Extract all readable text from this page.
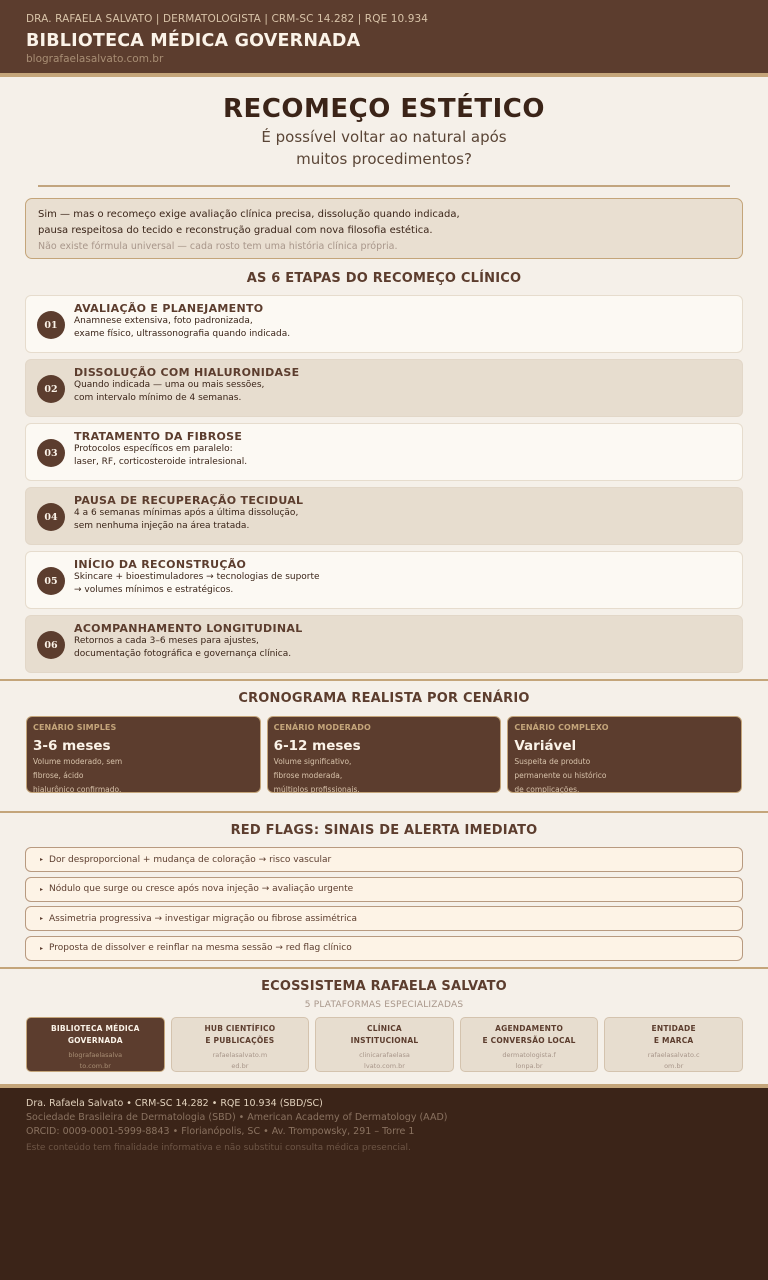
DRA. RAFAELA SALVATO | DERMATOLOGISTA | CRM-SC 14.282 | RQE 10.934
BIBLIOTECA MÉDICA GOVERNADA
blografaelasalvato.com.br
RECOMEÇO ESTÉTICO
É possível voltar ao natural após
muitos procedimentos?
Sim — mas o recomeço exige avaliação clínica precisa, dissolução quando indicada,
pausa respeitosa do tecido e reconstrução gradual com nova filosofia estética.
Não existe fórmula universal — cada rosto tem uma história clínica própria.
AS 6 ETAPAS DO RECOMEÇO CLÍNICO
01
AVALIAÇÃO E PLANEJAMENTO
Anamnese extensiva, foto padronizada,
exame físico, ultrassonografia quando indicada.
02
DISSOLUÇÃO COM HIALURONIDASE
Quando indicada — uma ou mais sessões,
com intervalo mínimo de 4 semanas.
03
TRATAMENTO DA FIBROSE
Protocolos específicos em paralelo:
laser, RF, corticosteroide intralesional.
04
PAUSA DE RECUPERAÇÃO TECIDUAL
4 a 6 semanas mínimas após a última dissolução,
sem nenhuma injeção na área tratada.
05
INÍCIO DA RECONSTRUÇÃO
Skincare + bioestimuladores → tecnologias de suporte
→ volumes mínimos e estratégicos.
06
ACOMPANHAMENTO LONGITUDINAL
Retornos a cada 3–6 meses para ajustes,
documentação fotográfica e governança clínica.
CRONOGRAMA REALISTA POR CENÁRIO
CENÁRIO SIMPLES
3-6 meses
Volume moderado, sem
fibrose, ácido
hialurônico confirmado.
CENÁRIO MODERADO
6-12 meses
Volume significativo,
fibrose moderada,
múltiplos profissionais.
CENÁRIO COMPLEXO
Variável
Suspeita de produto
permanente ou histórico
de complicações.
RED FLAGS: SINAIS DE ALERTA IMEDIATO
▸ Dor desproporcional + mudança de coloração → risco vascular
▸ Nódulo que surge ou cresce após nova injeção → avaliação urgente
▸ Assimetria progressiva → investigar migração ou fibrose assimétrica
▸ Proposta de dissolver e reinflar na mesma sessão → red flag clínico
ECOSSISTEMA RAFAELA SALVATO
5 PLATAFORMAS ESPECIALIZADAS
BIBLIOTECA MÉDICA
GOVERNADA
blografaelasalva
to.com.br
HUB CIENTÍFICO
E PUBLICAÇÕES
rafaelasalvato.m
ed.br
CLÍNICA
INSTITUCIONAL
clinicarafaelasa
lvato.com.br
AGENDAMENTO
E CONVERSÃO LOCAL
dermatologista.f
lonpa.br
ENTIDADE
E MARCA
rafaelasalvato.c
om.br
Dra. Rafaela Salvato • CRM-SC 14.282 • RQE 10.934 (SBD/SC)
Sociedade Brasileira de Dermatologia (SBD) • American Academy of Dermatology (AAD)
ORCID: 0009-0001-5999-8843 • Florianópolis, SC • Av. Trompowsky, 291 – Torre 1
Este conteúdo tem finalidade informativa e não substitui consulta médica presencial.
